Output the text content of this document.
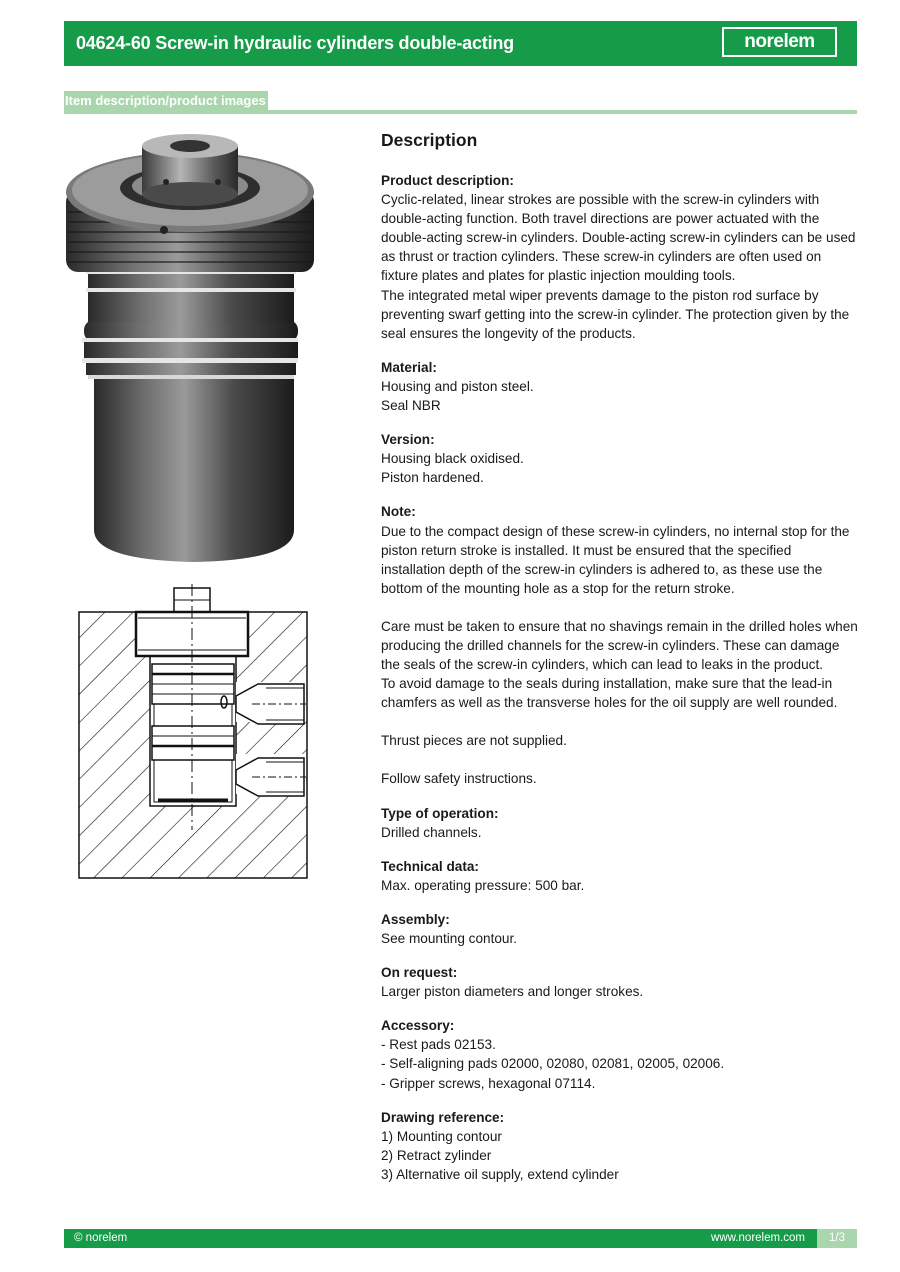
04624-60 Screw-in hydraulic cylinders double-acting	norelem
Item description/product images
Description
Product description:
Cyclic-related, linear strokes are possible with the screw-in cylinders with double-acting function. Both travel directions are power actuated with the double-acting screw-in cylinders. Double-acting screw-in cylinders can be used as thrust or traction cylinders. These screw-in cylinders are often used on fixture plates and plates for plastic injection moulding tools.
The integrated metal wiper prevents damage to the piston rod surface by preventing swarf getting into the screw-in cylinder. The protection given by the seal ensures the longevity of the products.
Material:
Housing and piston steel.
Seal NBR
Version:
Housing black oxidised.
Piston hardened.
Note:
Due to the compact design of these screw-in cylinders, no internal stop for the piston return stroke is installed. It must be ensured that the specified installation depth of the screw-in cylinders is adhered to, as these use the bottom of the mounting hole as a stop for the return stroke.
Care must be taken to ensure that no shavings remain in the drilled holes when producing the drilled channels for the screw-in cylinders. These can damage the seals of the screw-in cylinders, which can lead to leaks in the product.
To avoid damage to the seals during installation, make sure that the lead-in chamfers as well as the transverse holes for the oil supply are well rounded.
Thrust pieces are not supplied.
Follow safety instructions.
Type of operation:
Drilled channels.
Technical data:
Max. operating pressure: 500 bar.
Assembly:
See mounting contour.
On request:
Larger piston diameters and longer strokes.
Accessory:
- Rest pads 02153.
- Self-aligning pads 02000, 02080, 02081, 02005, 02006.
- Gripper screws, hexagonal 07114.
Drawing reference:
1) Mounting contour
2) Retract zylinder
3) Alternative oil supply, extend cylinder
© norelem	www.norelem.com	1/3
